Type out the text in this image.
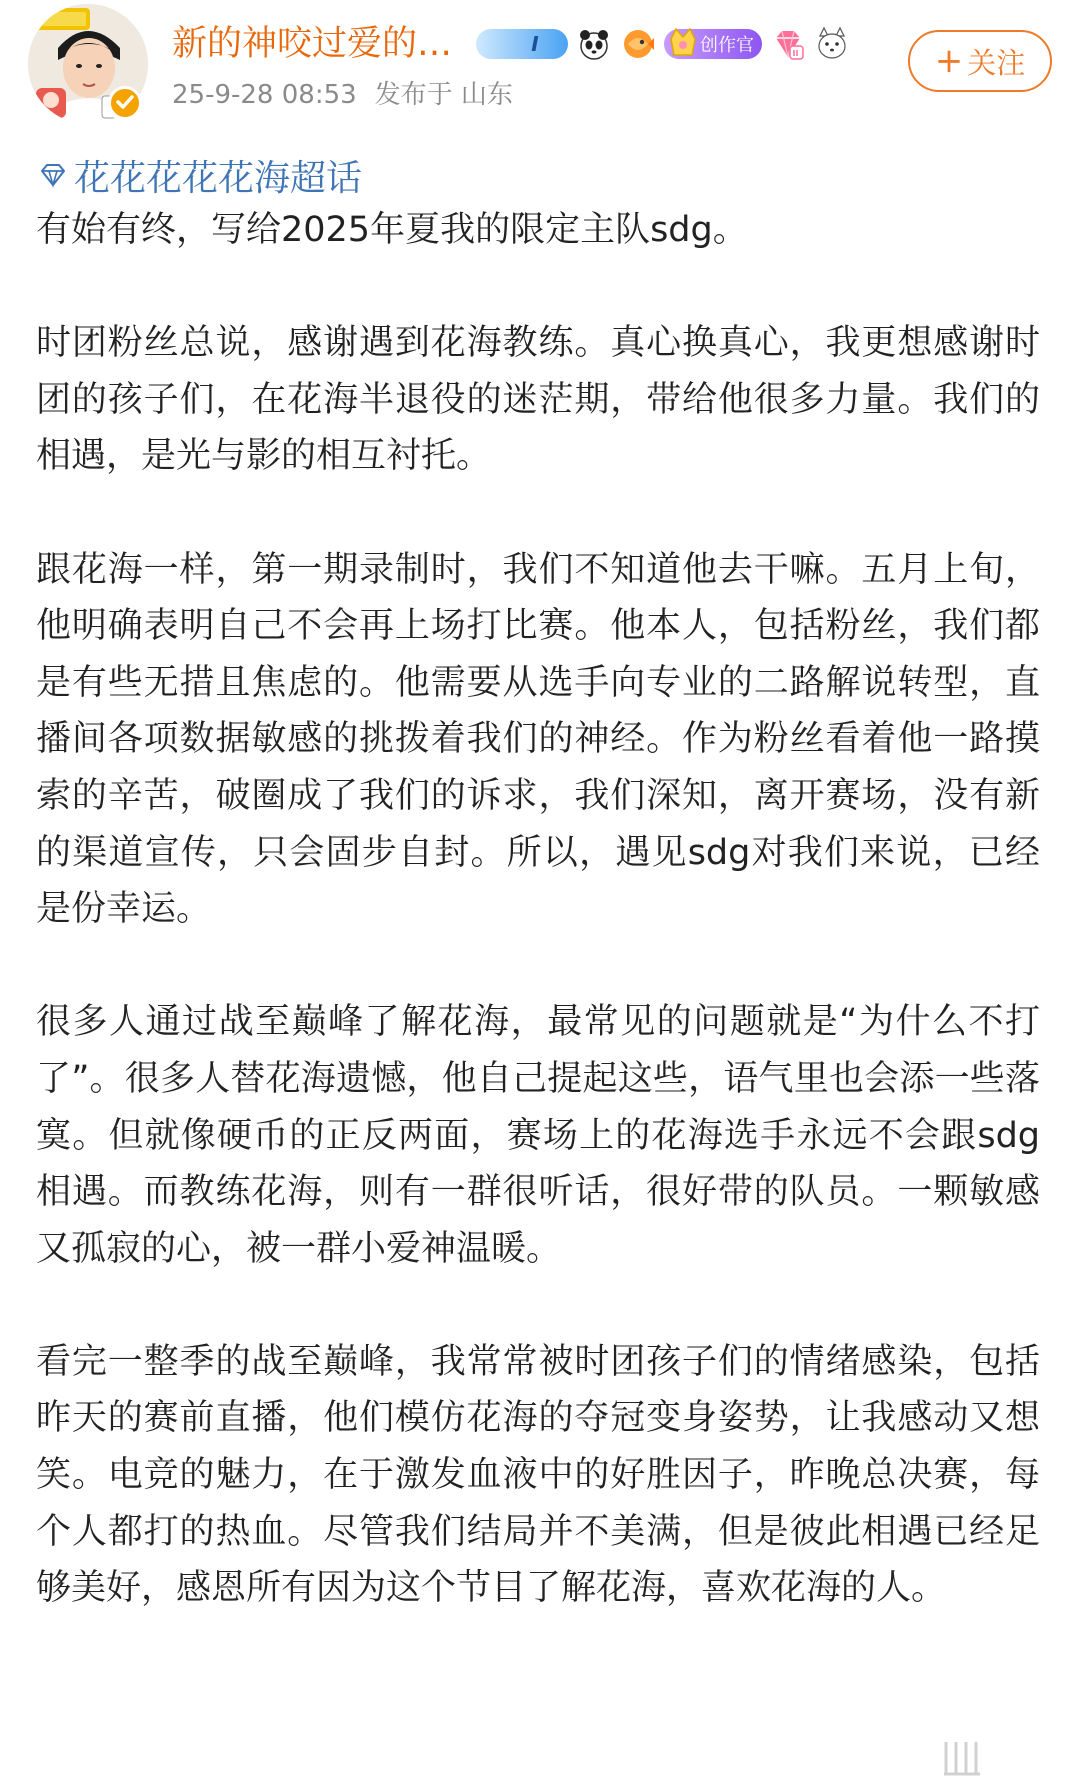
新的神咬过爱的…	I	创作官
25-9-28 08:53 发布于 山东
+ 关注
花花花花花海超话

有始有终，写给2025年夏我的限定主队sdg。

时团粉丝总说，感谢遇到花海教练。真心换真心，我更想感谢时团的孩子们，在花海半退役的迷茫期，带给他很多力量。我们的相遇，是光与影的相互衬托。

跟花海一样，第一期录制时，我们不知道他去干嘛。五月上旬，他明确表明自己不会再上场打比赛。他本人，包括粉丝，我们都是有些无措且焦虑的。他需要从选手向专业的二路解说转型，直播间各项数据敏感的挑拨着我们的神经。作为粉丝看着他一路摸索的辛苦，破圈成了我们的诉求，我们深知，离开赛场，没有新的渠道宣传，只会固步自封。所以，遇见sdg对我们来说，已经是份幸运。

很多人通过战至巅峰了解花海，最常见的问题就是“为什么不打了”。很多人替花海遗憾，他自己提起这些，语气里也会添一些落寞。但就像硬币的正反两面，赛场上的花海选手永远不会跟sdg相遇。而教练花海，则有一群很听话，很好带的队员。一颗敏感又孤寂的心，被一群小爱神温暖。

看完一整季的战至巅峰，我常常被时团孩子们的情绪感染，包括昨天的赛前直播，他们模仿花海的夺冠变身姿势，让我感动又想笑。电竞的魅力，在于激发血液中的好胜因子，昨晚总决赛，每个人都打的热血。尽管我们结局并不美满，但是彼此相遇已经足够美好，感恩所有因为这个节目了解花海，喜欢花海的人。
